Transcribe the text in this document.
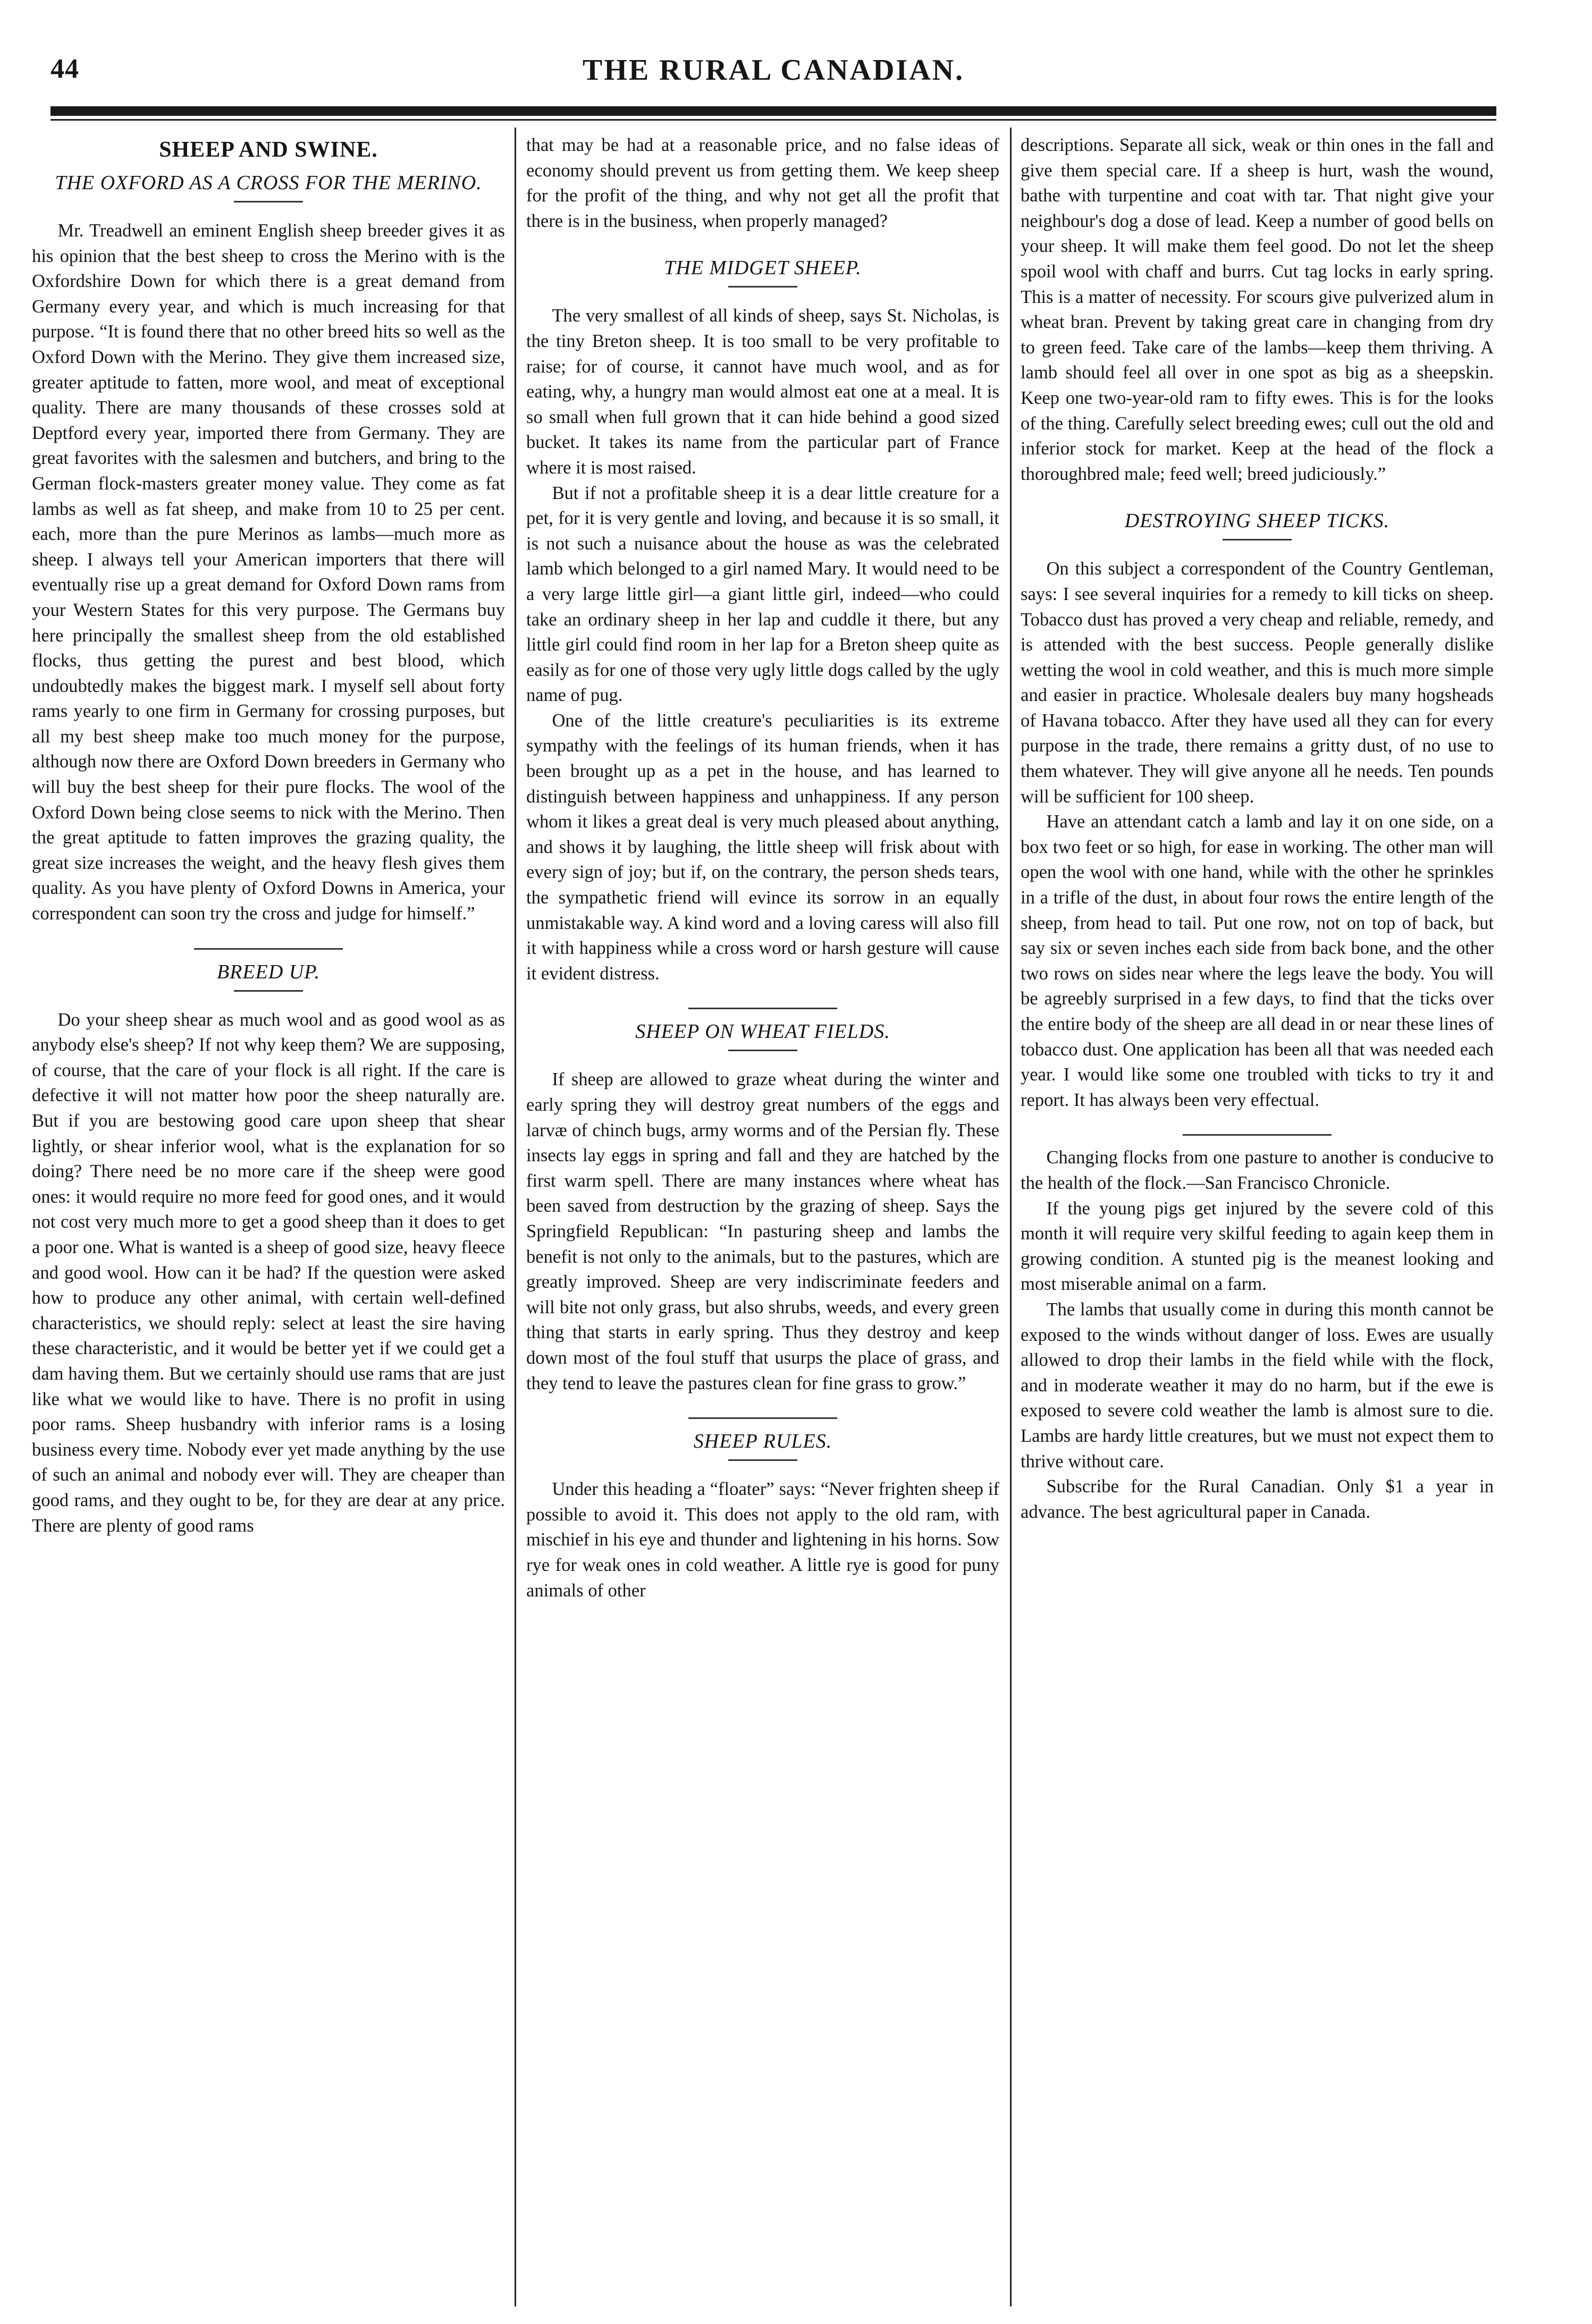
44	THE RURAL CANADIAN.
SHEEP AND SWINE.
THE OXFORD AS A CROSS FOR THE MERINO.

Mr. Treadwell an eminent English sheep breeder gives it as his opinion that the best sheep to cross the Merino with is the Oxfordshire Down for which there is a great demand from Germany every year, and which is much increasing for that purpose. “It is found there that no other breed hits so well as the Oxford Down with the Merino. They give them increased size, greater aptitude to fatten, more wool, and meat of exceptional quality. There are many thousands of these crosses sold at Deptford every year, imported there from Germany. They are great favorites with the salesmen and butchers, and bring to the German flock-masters greater money value. They come as fat lambs as well as fat sheep, and make from 10 to 25 per cent. each, more than the pure Merinos as lambs—much more as sheep. I always tell your American importers that there will eventually rise up a great demand for Oxford Down rams from your Western States for this very purpose. The Germans buy here principally the smallest sheep from the old established flocks, thus getting the purest and best blood, which undoubtedly makes the biggest mark. I myself sell about forty rams yearly to one firm in Germany for crossing purposes, but all my best sheep make too much money for the purpose, although now there are Oxford Down breeders in Germany who will buy the best sheep for their pure flocks. The wool of the Oxford Down being close seems to nick with the Merino. Then the great aptitude to fatten improves the grazing quality, the great size increases the weight, and the heavy flesh gives them quality. As you have plenty of Oxford Downs in America, your correspondent can soon try the cross and judge for himself.”

BREED UP.

Do your sheep shear as much wool and as good wool as as anybody else's sheep? If not why keep them? We are supposing, of course, that the care of your flock is all right. If the care is defective it will not matter how poor the sheep naturally are. But if you are bestowing good care upon sheep that shear lightly, or shear inferior wool, what is the explanation for so doing? There need be no more care if the sheep were good ones: it would require no more feed for good ones, and it would not cost very much more to get a good sheep than it does to get a poor one. What is wanted is a sheep of good size, heavy fleece and good wool. How can it be had? If the question were asked how to produce any other animal, with certain well-defined characteristics, we should reply: select at least the sire having these characteristic, and it would be better yet if we could get a dam having them. But we certainly should use rams that are just like what we would like to have. There is no profit in using poor rams. Sheep husbandry with inferior rams is a losing business every time. Nobody ever yet made anything by the use of such an animal and nobody ever will. They are cheaper than good rams, and they ought to be, for they are dear at any price. There are plenty of good rams

that may be had at a reasonable price, and no false ideas of economy should prevent us from getting them. We keep sheep for the profit of the thing, and why not get all the profit that there is in the business, when properly managed?

THE MIDGET SHEEP.

The very smallest of all kinds of sheep, says St. Nicholas, is the tiny Breton sheep. It is too small to be very profitable to raise; for of course, it cannot have much wool, and as for eating, why, a hungry man would almost eat one at a meal. It is so small when full grown that it can hide behind a good sized bucket. It takes its name from the particular part of France where it is most raised.

But if not a profitable sheep it is a dear little creature for a pet, for it is very gentle and loving, and because it is so small, it is not such a nuisance about the house as was the celebrated lamb which belonged to a girl named Mary. It would need to be a very large little girl—a giant little girl, indeed—who could take an ordinary sheep in her lap and cuddle it there, but any little girl could find room in her lap for a Breton sheep quite as easily as for one of those very ugly little dogs called by the ugly name of pug.

One of the little creature's peculiarities is its extreme sympathy with the feelings of its human friends, when it has been brought up as a pet in the house, and has learned to distinguish between happiness and unhappiness. If any person whom it likes a great deal is very much pleased about anything, and shows it by laughing, the little sheep will frisk about with every sign of joy; but if, on the contrary, the person sheds tears, the sympathetic friend will evince its sorrow in an equally unmistakable way. A kind word and a loving caress will also fill it with happiness while a cross word or harsh gesture will cause it evident distress.

SHEEP ON WHEAT FIELDS.

If sheep are allowed to graze wheat during the winter and early spring they will destroy great numbers of the eggs and larvæ of chinch bugs, army worms and of the Persian fly. These insects lay eggs in spring and fall and they are hatched by the first warm spell. There are many instances where wheat has been saved from destruction by the grazing of sheep. Says the Springfield Republican: “In pasturing sheep and lambs the benefit is not only to the animals, but to the pastures, which are greatly improved. Sheep are very indiscriminate feeders and will bite not only grass, but also shrubs, weeds, and every green thing that starts in early spring. Thus they destroy and keep down most of the foul stuff that usurps the place of grass, and they tend to leave the pastures clean for fine grass to grow.”

SHEEP RULES.

Under this heading a “floater” says: “Never frighten sheep if possible to avoid it. This does not apply to the old ram, with mischief in his eye and thunder and lightening in his horns. Sow rye for weak ones in cold weather. A little rye is good for puny animals of other

descriptions. Separate all sick, weak or thin ones in the fall and give them special care. If a sheep is hurt, wash the wound, bathe with turpentine and coat with tar. That night give your neighbour's dog a dose of lead. Keep a number of good bells on your sheep. It will make them feel good. Do not let the sheep spoil wool with chaff and burrs. Cut tag locks in early spring. This is a matter of necessity. For scours give pulverized alum in wheat bran. Prevent by taking great care in changing from dry to green feed. Take care of the lambs—keep them thriving. A lamb should feel all over in one spot as big as a sheepskin. Keep one two-year-old ram to fifty ewes. This is for the looks of the thing. Carefully select breeding ewes; cull out the old and inferior stock for market. Keep at the head of the flock a thoroughbred male; feed well; breed judiciously.”

DESTROYING SHEEP TICKS.

On this subject a correspondent of the Country Gentleman, says: I see several inquiries for a remedy to kill ticks on sheep. Tobacco dust has proved a very cheap and reliable, remedy, and is attended with the best success. People generally dislike wetting the wool in cold weather, and this is much more simple and easier in practice. Wholesale dealers buy many hogsheads of Havana tobacco. After they have used all they can for every purpose in the trade, there remains a gritty dust, of no use to them whatever. They will give anyone all he needs. Ten pounds will be sufficient for 100 sheep.

Have an attendant catch a lamb and lay it on one side, on a box two feet or so high, for ease in working. The other man will open the wool with one hand, while with the other he sprinkles in a trifle of the dust, in about four rows the entire length of the sheep, from head to tail. Put one row, not on top of back, but say six or seven inches each side from back bone, and the other two rows on sides near where the legs leave the body. You will be agreebly surprised in a few days, to find that the ticks over the entire body of the sheep are all dead in or near these lines of tobacco dust. One application has been all that was needed each year. I would like some one troubled with ticks to try it and report. It has always been very effectual.

Changing flocks from one pasture to another is conducive to the health of the flock.—San Francisco Chronicle.

If the young pigs get injured by the severe cold of this month it will require very skilful feeding to again keep them in growing condition. A stunted pig is the meanest looking and most miserable animal on a farm.

The lambs that usually come in during this month cannot be exposed to the winds without danger of loss. Ewes are usually allowed to drop their lambs in the field while with the flock, and in moderate weather it may do no harm, but if the ewe is exposed to severe cold weather the lamb is almost sure to die. Lambs are hardy little creatures, but we must not expect them to thrive without care.

Subscribe for the Rural Canadian. Only $1 a year in advance. The best agricultural paper in Canada.
